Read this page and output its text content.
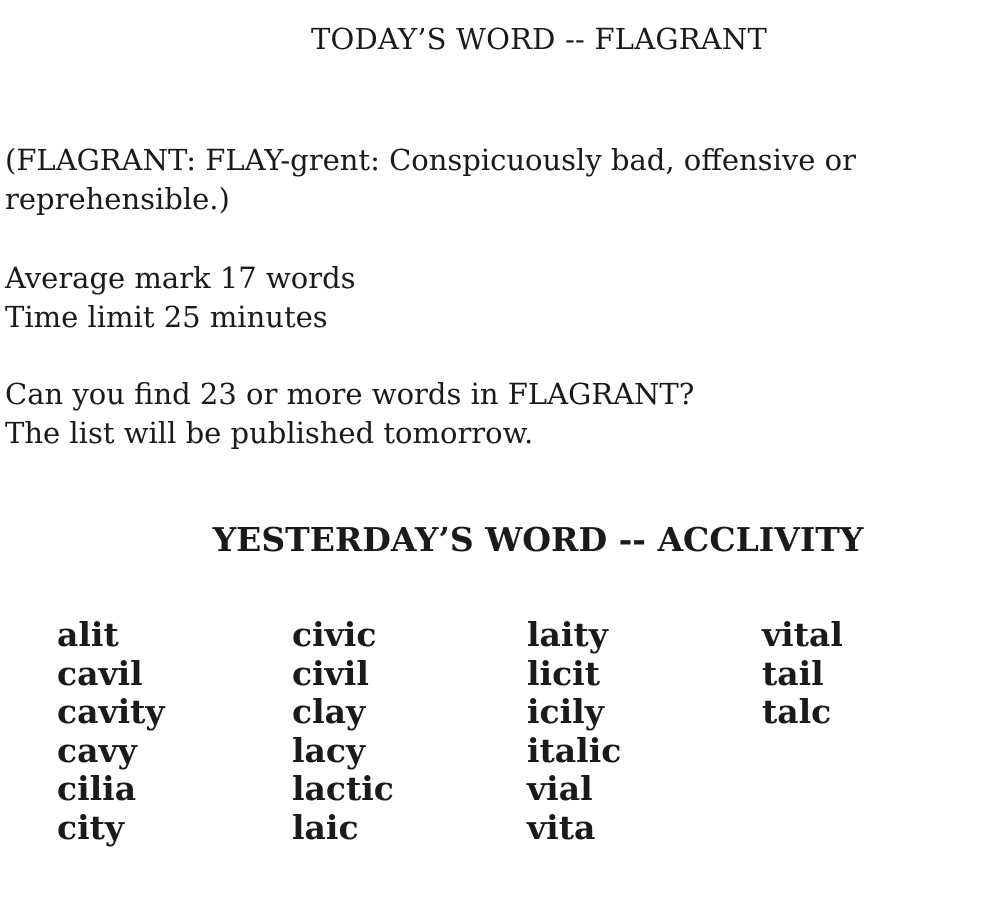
TODAY’S WORD -- FLAGRANT
(FLAGRANT: FLAY-grent: Conspicuously bad, offensive or
reprehensible.)
Average mark 17 words
Time limit 25 minutes
Can you find 23 or more words in FLAGRANT?
The list will be published tomorrow.
YESTERDAY’S WORD -- ACCLIVITY
alit
cavil
cavity
cavy
cilia
city
civic
civil
clay
lacy
lactic
laic
laity
licit
icily
italic
vial
vita
vital
tail
talc
